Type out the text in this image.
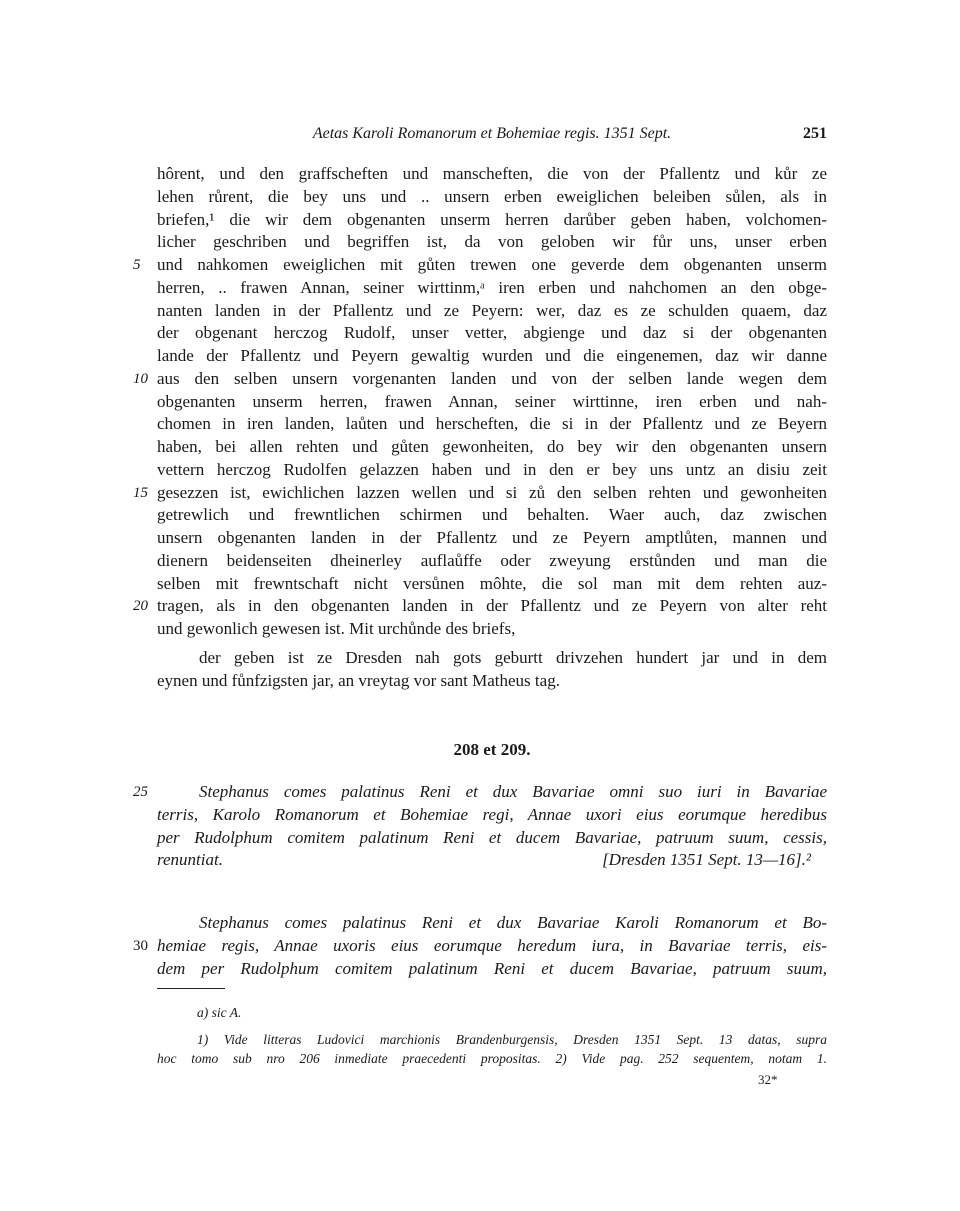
Aetas Karoli Romanorum et Bohemiae regis. 1351 Sept.	251
hôrent, und den graffscheften und manscheften, die von der Pfallentz und kůr ze
lehen růrent, die bey uns und .. unsern erben eweiglichen beleiben sůlen, als in
briefen,¹ die wir dem obgenanten unserm herren darůber geben haben, volchomen-
licher geschriben und begriffen ist, da von geloben wir fůr uns, unser erben
5 und nahkomen eweiglichen mit gůten trewen one geverde dem obgenanten unserm
herren, .. frawen Annan, seiner wirttinm,ᵃ iren erben und nahchomen an den obge-
nanten landen in der Pfallentz und ze Peyern: wer, daz es ze schulden quaem, daz
der obgenant herczog Rudolf, unser vetter, abgienge und daz si der obgenanten
lande der Pfallentz und Peyern gewaltig wurden und die eingenemen, daz wir danne
10 aus den selben unsern vorgenanten landen und von der selben lande wegen dem
obgenanten unserm herren, frawen Annan, seiner wirttinne, iren erben und nah-
chomen in iren landen, laůten und herscheften, die si in der Pfallentz und ze Beyern
haben, bei allen rehten und gůten gewonheiten, do bey wir den obgenanten unsern
vettern herczog Rudolfen gelazzen haben und in den er bey uns untz an disiu zeit
15 gesezzen ist, ewichlichen lazzen wellen und si zů den selben rehten und gewonheiten
getrewlich und frewntlichen schirmen und behalten. Waer auch, daz zwischen
unsern obgenanten landen in der Pfallentz und ze Peyern amptlůten, mannen und
dienern beidenseiten dheinerley auflaůffe oder zweyung erstůnden und man die
selben mit frewntschaft nicht versůnen môhte, die sol man mit dem rehten auz-
20 tragen, als in den obgenanten landen in der Pfallentz und ze Peyern von alter reht
und gewonlich gewesen ist. Mit urchůnde des briefs,
der geben ist ze Dresden nah gots geburtt drivzehen hundert jar und in dem
eynen und fůnfzigsten jar, an vreytag vor sant Matheus tag.
208 et 209.
25	Stephanus comes palatinus Reni et dux Bavariae omni suo iuri in Bavariae
terris, Karolo Romanorum et Bohemiae regi, Annae uxori eius eorumque heredibus
per Rudolphum comitem palatinum Reni et ducem Bavariae, patruum suum, cessis,
renuntiat.	[Dresden 1351 Sept. 13—16].²
Stephanus comes palatinus Reni et dux Bavariae Karoli Romanorum et Bo-
30 hemiae regis, Annae uxoris eius eorumque heredum iura, in Bavariae terris, eis-
dem per Rudolphum comitem palatinum Reni et ducem Bavariae, patruum suum,
a) sic A.
1) Vide litteras Ludovici marchionis Brandenburgensis, Dresden 1351 Sept. 13 datas, supra
hoc tomo sub nro 206 inmediate praecedenti propositas. 2) Vide pag. 252 sequentem, notam 1.
32*
